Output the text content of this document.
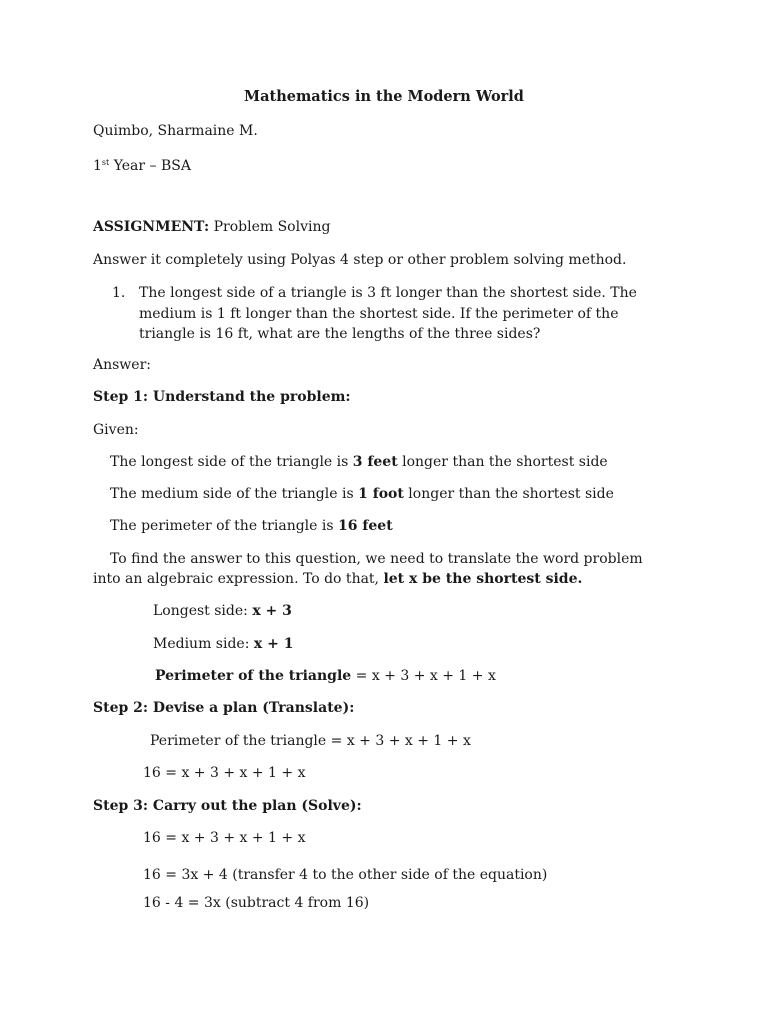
Mathematics in the Modern World
Quimbo, Sharmaine M.
1st Year – BSA
ASSIGNMENT: Problem Solving
Answer it completely using Polyas 4 step or other problem solving method.
1. The longest side of a triangle is 3 ft longer than the shortest side. The
medium is 1 ft longer than the shortest side. If the perimeter of the
triangle is 16 ft, what are the lengths of the three sides?
Answer:
Step 1: Understand the problem:
Given:
The longest side of the triangle is 3 feet longer than the shortest side
The medium side of the triangle is 1 foot longer than the shortest side
The perimeter of the triangle is 16 feet
To find the answer to this question, we need to translate the word problem
into an algebraic expression. To do that, let x be the shortest side.
Longest side: x + 3
Medium side: x + 1
Perimeter of the triangle = x + 3 + x + 1 + x
Step 2: Devise a plan (Translate):
Perimeter of the triangle = x + 3 + x + 1 + x
16 = x + 3 + x + 1 + x
Step 3: Carry out the plan (Solve):
16 = x + 3 + x + 1 + x
16 = 3x + 4 (transfer 4 to the other side of the equation)
16 - 4 = 3x (subtract 4 from 16)
